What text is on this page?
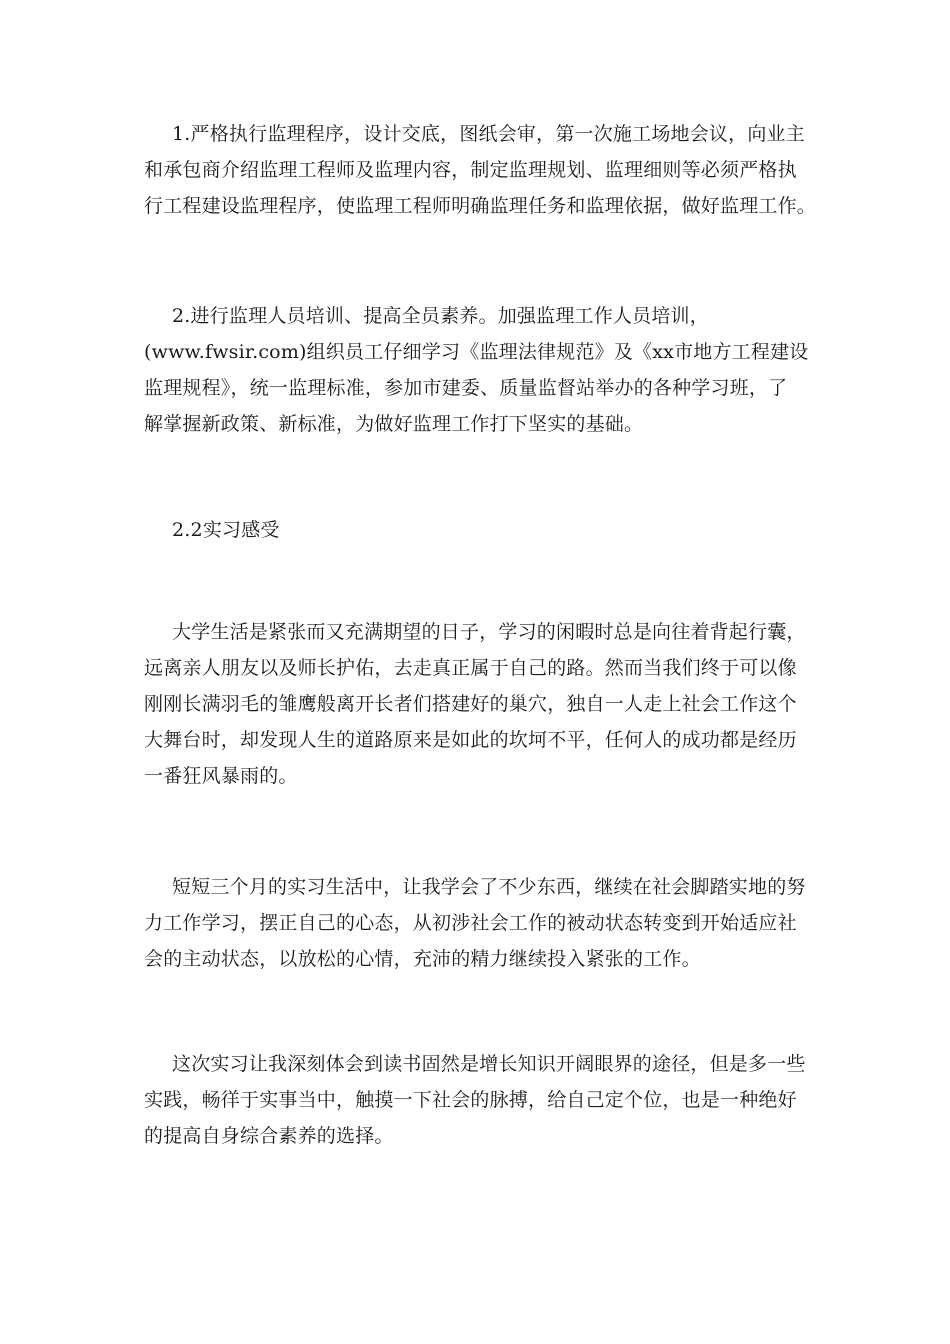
1.严格执行监理程序，设计交底，图纸会审，第一次施工场地会议，向业主
和承包商介绍监理工程师及监理内容，制定监理规划、监理细则等必须严格执
行工程建设监理程序，使监理工程师明确监理任务和监理依据，做好监理工作。

2.进行监理人员培训、提高全员素养。加强监理工作人员培训，
(www.fwsir.com)组织员工仔细学习《监理法律规范》及《xx市地方工程建设
监理规程》，统一监理标准，参加市建委、质量监督站举办的各种学习班，了
解掌握新政策、新标准，为做好监理工作打下坚实的基础。

2.2实习感受

大学生活是紧张而又充满期望的日子，学习的闲暇时总是向往着背起行囊，
远离亲人朋友以及师长护佑，去走真正属于自己的路。然而当我们终于可以像
刚刚长满羽毛的雏鹰般离开长者们搭建好的巢穴，独自一人走上社会工作这个
大舞台时，却发现人生的道路原来是如此的坎坷不平，任何人的成功都是经历
一番狂风暴雨的。

短短三个月的实习生活中，让我学会了不少东西，继续在社会脚踏实地的努
力工作学习，摆正自己的心态，从初涉社会工作的被动状态转变到开始适应社
会的主动状态，以放松的心情，充沛的精力继续投入紧张的工作。

这次实习让我深刻体会到读书固然是增长知识开阔眼界的途径，但是多一些
实践，畅徉于实事当中，触摸一下社会的脉搏，给自己定个位，也是一种绝好
的提高自身综合素养的选择。
